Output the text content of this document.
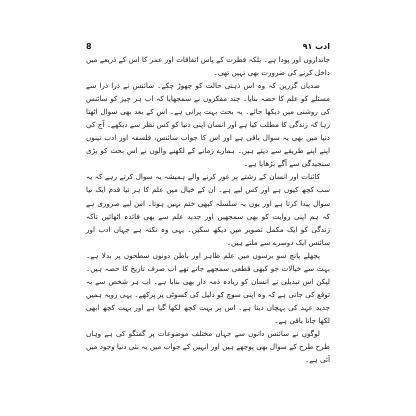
8	ادب ۹۱

جانداروں اور پودا ہے۔ بلکہ فطرت کے پاس اتفاقات اور عمر کا اس کے ذریعے میں داخل کرنے کی ضرورت بھی نہیں تھی۔

صدیاں گزریں کہ وہ اس ذہنی حالت کو چھوڑ چکے۔ سائنس نے ذرا ذرا سے مسئلے کو علم کا حصہ بنایا۔ چند مفکروں نے سمجھایا کہ اب ہر چیز کو سائنس کی روشنی میں دیکھا جائے۔ یہ بحث بہت پرانی ہے۔ اس کے بعد بھی سوال اٹھتا رہا کہ زندگی کا مطلب کیا ہے اور انسان اپنی دنیا کو کس نظر سے دیکھے۔ آج کی دنیا میں بھی یہ سوال باقی ہے اور اس کا جواب سائنس، فلسفہ اور ادب تینوں اپنے اپنے طریقے سے دیتے ہیں۔ ہمارے زمانے کے لکھنے والوں نے اس بحث کو بڑی سنجیدگی سے آگے بڑھایا ہے۔

کائنات اور انسان کے رشتے پر غور کرنے والے ہمیشہ یہ سوال کرتے رہے کہ یہ سب کچھ کیوں ہے اور کس لیے ہے۔ ان کے خیال میں علم کا ہر نیا قدم ایک نیا سوال پیدا کرتا ہے اور یوں یہ سلسلہ کبھی ختم نہیں ہوتا۔ اس لیے ضروری ہے کہ ہم اپنی روایت کو بھی سمجھیں اور جدید علم سے بھی فائدہ اٹھائیں تاکہ زندگی کو ایک مکمل تصویر میں دیکھ سکیں۔ یہی وہ نکتہ ہے جہاں ادب اور سائنس ایک دوسرے سے ملتے ہیں۔

پچھلے پانچ سو برسوں میں علم ظاہر اور باطن دونوں سطحوں پر بدلا ہے۔ بہت سے خیالات جو کبھی قطعی سمجھے جاتے تھے اب صرف تاریخ کا حصہ ہیں۔ لیکن اس تبدیلی نے انسان کو زیادہ ذمہ دار بھی بنایا ہے۔ اب ہر شخص سے یہ توقع کی جاتی ہے کہ وہ اپنی سوچ کو دلیل کی کسوٹی پر پرکھے۔ یہی رویہ ہمیں جدید عہد کی پہچان دیتا ہے۔ اس پر بہت کچھ لکھا گیا ہے اور بہت کچھ ابھی لکھا جانا باقی ہے۔

لوگوں نے سائنس دانوں سے جہاں مختلف موضوعات پر گفتگو کی ہے وہاں طرح طرح کے سوال بھی پوچھے ہیں اور انہیں کے جواب میں یہ نئی دنیا وجود میں آئی ہے۔
